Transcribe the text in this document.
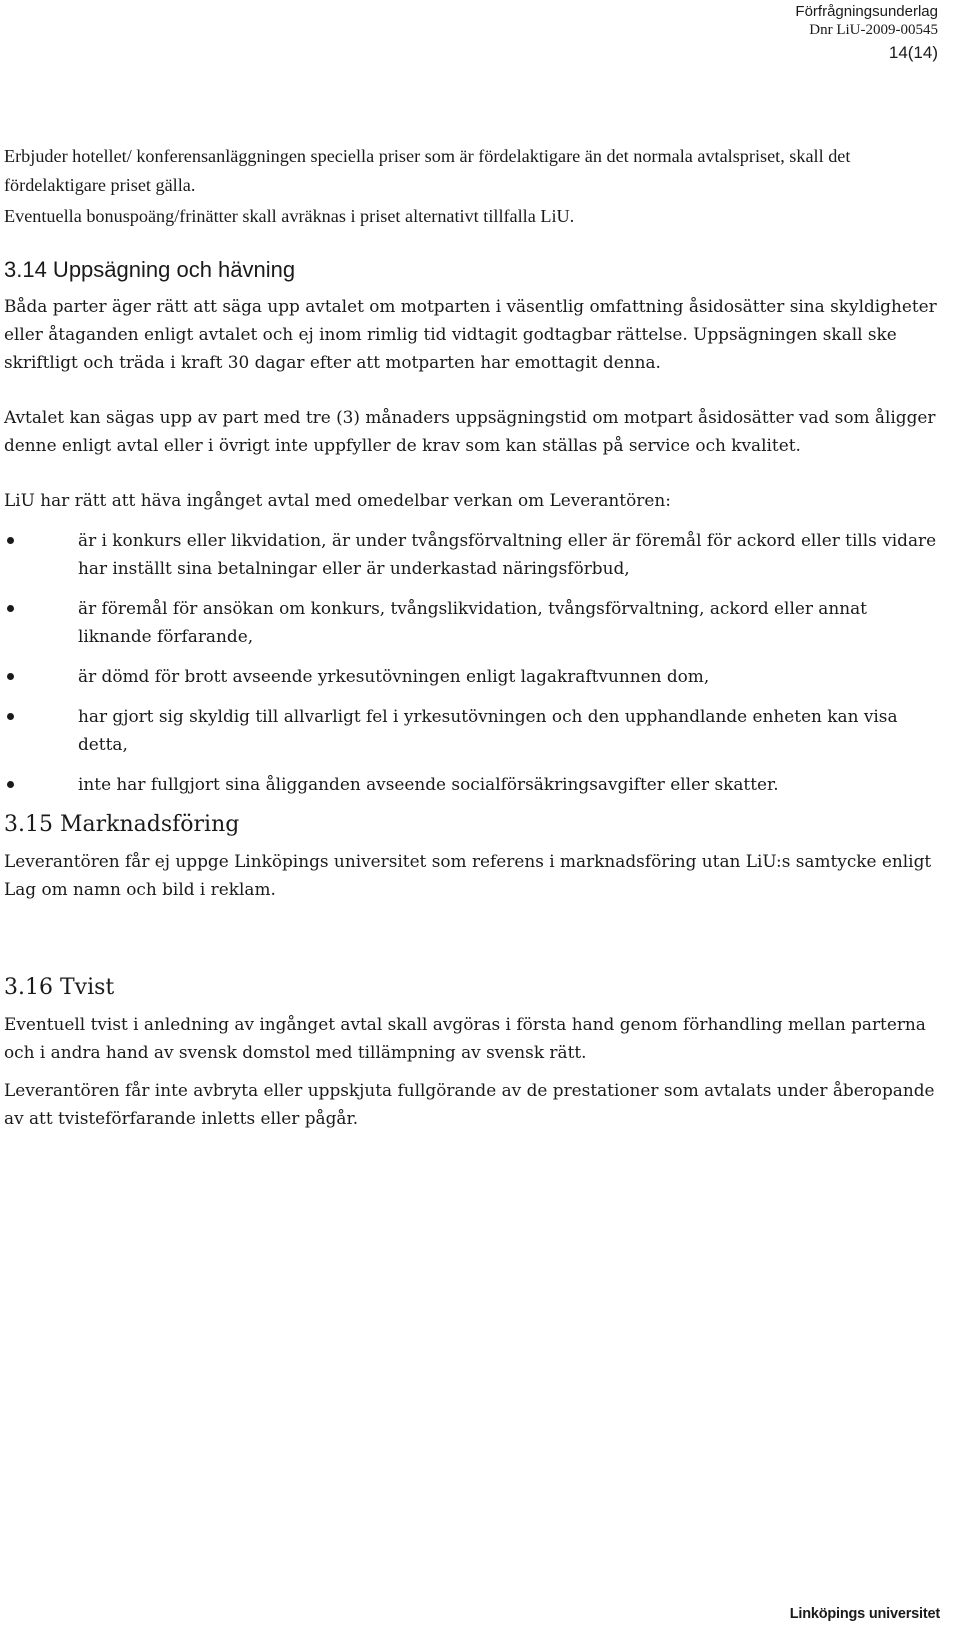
Förfrågningsunderlag
Dnr LiU-2009-00545
14(14)

Erbjuder hotellet/ konferensanläggningen speciella priser som är fördelaktigare än det normala avtalspriset, skall det fördelaktigare priset gälla.

Eventuella bonuspoäng/frinätter skall avräknas i priset alternativt tillfalla LiU.

3.14 Uppsägning och hävning

Båda parter äger rätt att säga upp avtalet om motparten i väsentlig omfattning åsidosätter sina skyldigheter eller åtaganden enligt avtalet och ej inom rimlig tid vidtagit godtagbar rättelse. Uppsägningen skall ske skriftligt och träda i kraft 30 dagar efter att motparten har emottagit denna.

Avtalet kan sägas upp av part med tre (3) månaders uppsägningstid om motpart åsidosätter vad som åligger denne enligt avtal eller i övrigt inte uppfyller de krav som kan ställas på service och kvalitet.

LiU har rätt att häva ingånget avtal med omedelbar verkan om Leverantören:

är i konkurs eller likvidation, är under tvångsförvaltning eller är föremål för ackord eller tills vidare har inställt sina betalningar eller är underkastad näringsförbud,
är föremål för ansökan om konkurs, tvångslikvidation, tvångsförvaltning, ackord eller annat liknande förfarande,
är dömd för brott avseende yrkesutövningen enligt lagakraftvunnen dom,
har gjort sig skyldig till allvarligt fel i yrkesutövningen och den upphandlande enheten kan visa detta,
inte har fullgjort sina åligganden avseende socialförsäkringsavgifter eller skatter.
3.15 Marknadsföring

Leverantören får ej uppge Linköpings universitet som referens i marknadsföring utan LiU:s samtycke enligt Lag om namn och bild i reklam.

3.16 Tvist

Eventuell tvist i anledning av ingånget avtal skall avgöras i första hand genom förhandling mellan parterna och i andra hand av svensk domstol med tillämpning av svensk rätt.

Leverantören får inte avbryta eller uppskjuta fullgörande av de prestationer som avtalats under åberopande av att tvisteförfarande inletts eller pågår.

Linköpings universitet
